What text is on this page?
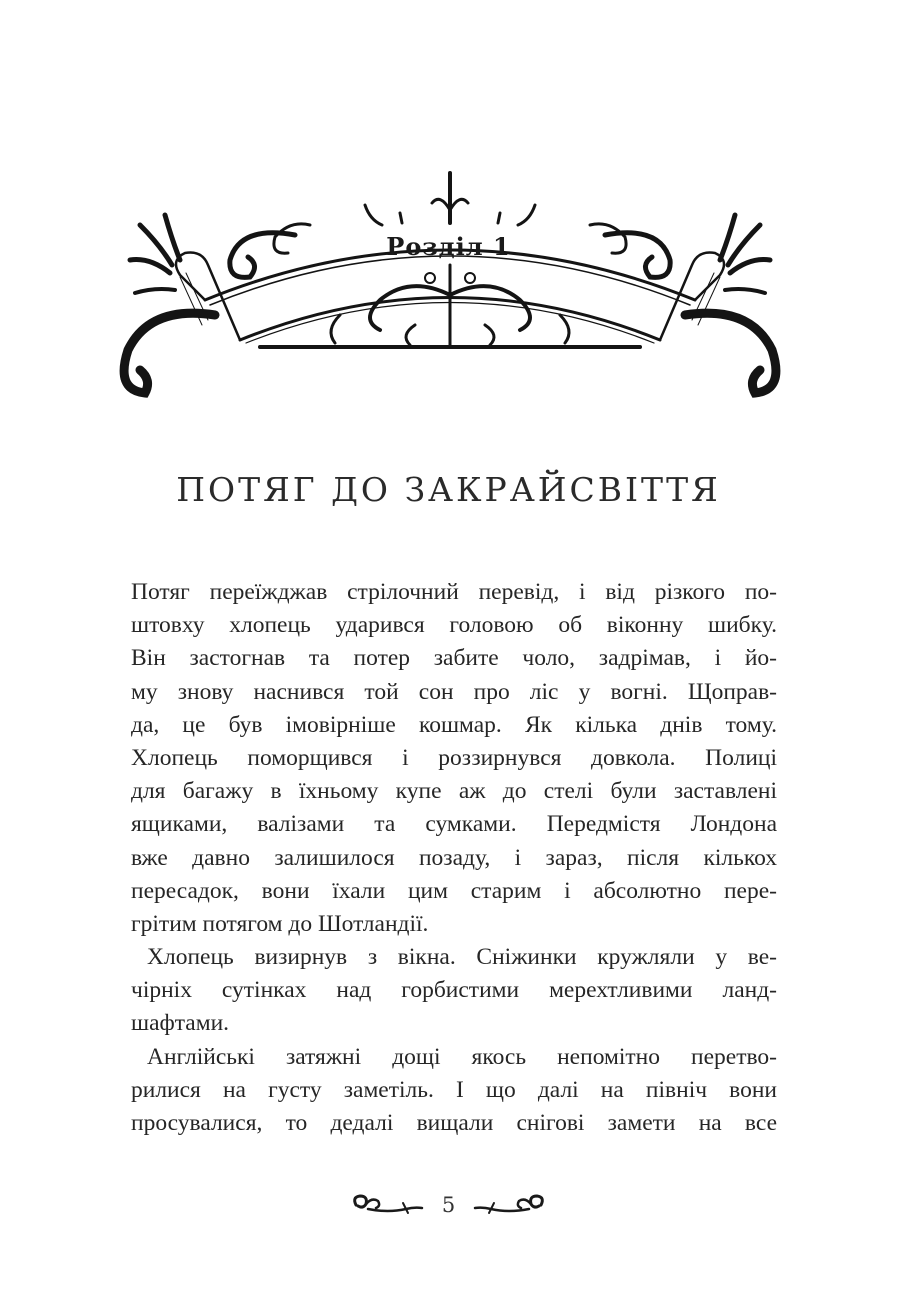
Розділ 1
ПОТЯГ ДО ЗАКРАЙСВІТТЯ
Потяг переїжджав стрілочний перевід, і від різкого по-
штовху хлопець ударився головою об віконну шибку.
Він застогнав та потер забите чоло, задрімав, і йо-
му знову наснився той сон про ліс у вогні. Щоправ-
да, це був імовірніше кошмар. Як кілька днів тому.
Хлопець поморщився і роззирнувся довкола. Полиці
для багажу в їхньому купе аж до стелі були заставлені
ящиками, валізами та сумками. Передмістя Лондона
вже давно залишилося позаду, і зараз, після кількох
пересадок, вони їхали цим старим і абсолютно пере-
грітим потягом до Шотландії.
Хлопець визирнув з вікна. Сніжинки кружляли у ве-
чірніх сутінках над горбистими мерехтливими ланд-
шафтами.
Англійські затяжні дощі якось непомітно перетво-
рилися на густу заметіль. І що далі на північ вони
просувалися, то дедалі вищали снігові замети на все
5
